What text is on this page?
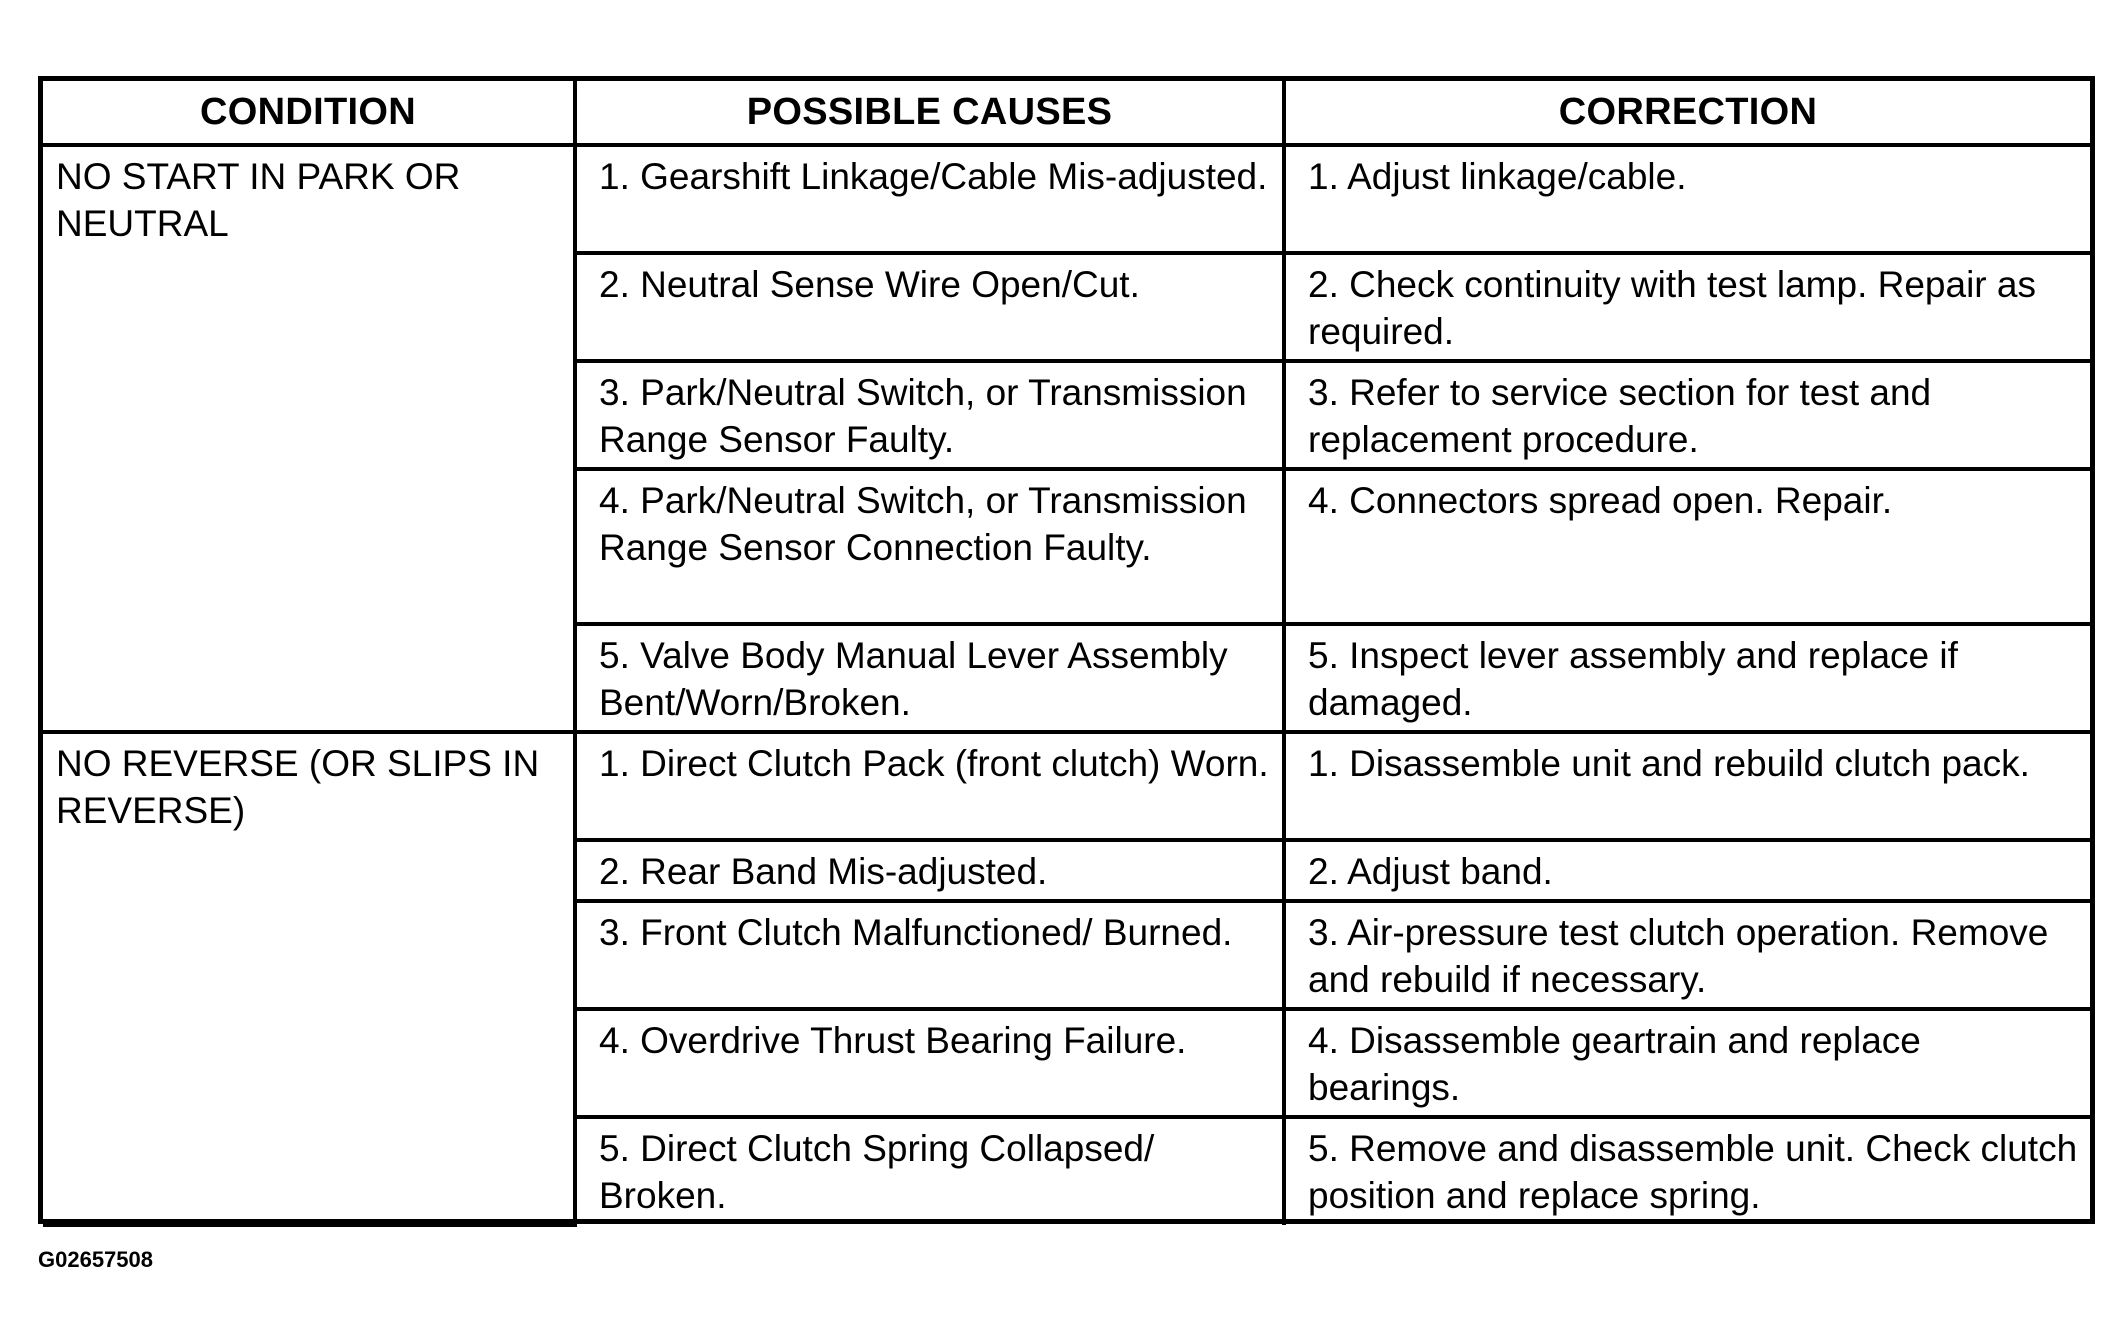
CONDITION	POSSIBLE CAUSES	CORRECTION
NO START IN PARK OR NEUTRAL	1. Gearshift Linkage/Cable Mis-adjusted.	1. Adjust linkage/cable.
	2. Neutral Sense Wire Open/Cut.	2. Check continuity with test lamp. Repair as required.
	3. Park/Neutral Switch, or Transmission Range Sensor Faulty.	3. Refer to service section for test and replacement procedure.
	4. Park/Neutral Switch, or Transmission Range Sensor Connection Faulty.	4. Connectors spread open. Repair.
	5. Valve Body Manual Lever Assembly Bent/Worn/Broken.	5. Inspect lever assembly and replace if damaged.
NO REVERSE (OR SLIPS IN REVERSE)	1. Direct Clutch Pack (front clutch) Worn.	1. Disassemble unit and rebuild clutch pack.
	2. Rear Band Mis-adjusted.	2. Adjust band.
	3. Front Clutch Malfunctioned/ Burned.	3. Air-pressure test clutch operation. Remove and rebuild if necessary.
	4. Overdrive Thrust Bearing Failure.	4. Disassemble geartrain and replace bearings.
	5. Direct Clutch Spring Collapsed/ Broken.	5. Remove and disassemble unit. Check clutch position and replace spring.
G02657508
